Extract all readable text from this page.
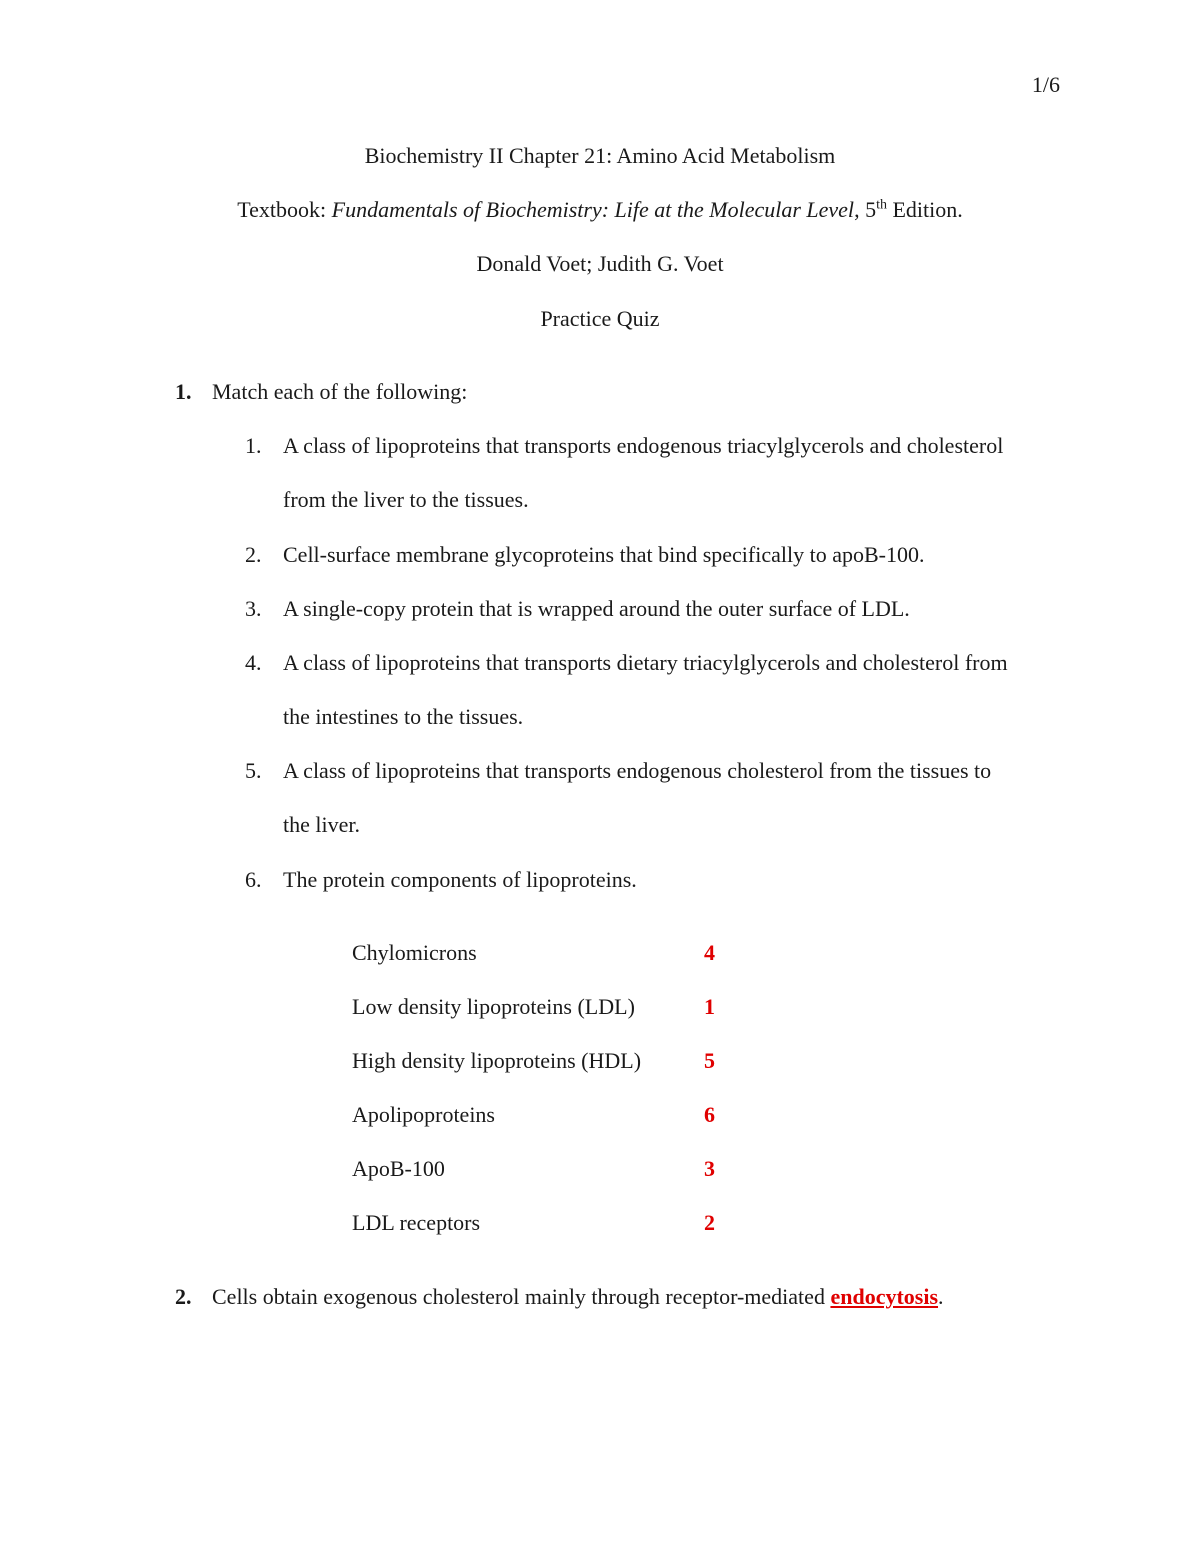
1/6
Biochemistry II Chapter 21: Amino Acid Metabolism
Textbook: Fundamentals of Biochemistry: Life at the Molecular Level, 5th Edition.
Donald Voet; Judith G. Voet
Practice Quiz
1. Match each of the following:
1. A class of lipoproteins that transports endogenous triacylglycerols and cholesterol
from the liver to the tissues.
2. Cell-surface membrane glycoproteins that bind specifically to apoB-100.
3. A single-copy protein that is wrapped around the outer surface of LDL.
4. A class of lipoproteins that transports dietary triacylglycerols and cholesterol from
the intestines to the tissues.
5. A class of lipoproteins that transports endogenous cholesterol from the tissues to
the liver.
6. The protein components of lipoproteins.
Chylomicrons	4
Low density lipoproteins (LDL)	1
High density lipoproteins (HDL)	5
Apolipoproteins	6
ApoB-100	3
LDL receptors	2
2. Cells obtain exogenous cholesterol mainly through receptor-mediated endocytosis.
